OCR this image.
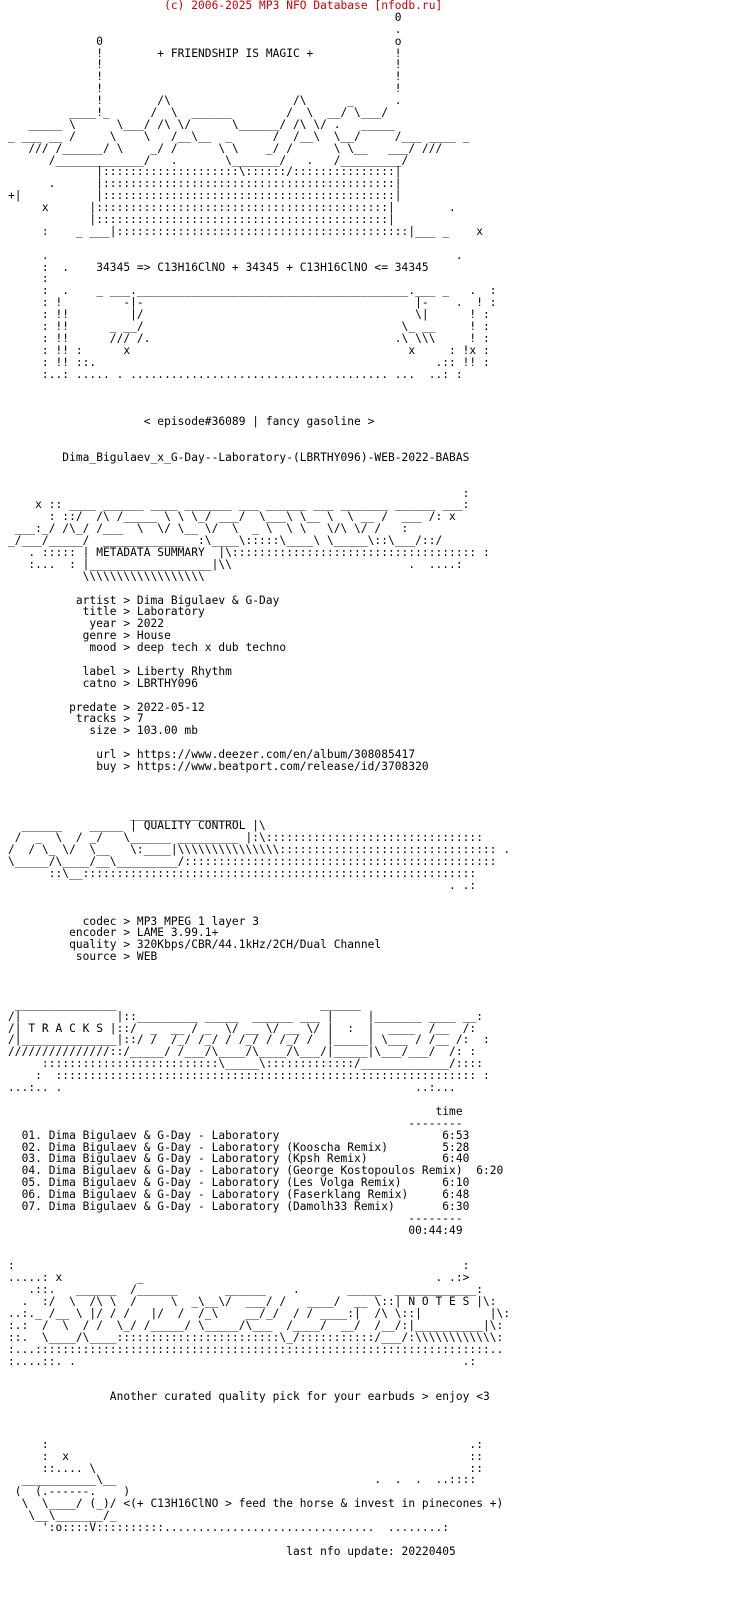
(c) 2006-2025 MP3 NFO Database [nfodb.ru]
0
.
0                                           o
!        + FRIENDSHIP IS MAGIC +            !
!                                           !
!                                           !
!                                           !
!        /\                  /\      _      .
____!_      /  \  ______        /  \  __/ \___/
_____ \      \___/ /\ \/      \______/ /\ \/ .   _____
_ ___ __ /     \    \   /__\__  _      /  /__\  \__/     /___ ____ _
/// /______/ \    _/ /      \ \    _/ /      \ \__   ___/ ///
/_____________/   .       \_______/   .   /_________/
|::::::::::::::::::::\::::::/:::::::::::::::|
.      |:::::::::::::::::::::::::::::::::::::::::::|
+|           |:::::::::::::::::::::::::::::::::::::::::::|
x      |:::::::::::::::::::::::::::::::::::::::::::|        .
|:::::::::::::::::::::::::::::::::::::::::::|
:    _ ___|:::::::::::::::::::::::::::::::::::::::::::|___ _    x
.                                                            .
:  .    34345 => C13H16ClNO + 34345 + C13H16ClNO <= 34345
:
:  .    _ ___.________________________________________.___ _   .  :
: !         -|-                                        |-    .  ! :
: !!         |/                                        \|      ! :
: !!      _ __/                                      \_ __     ! :
: !!      /// /.                                    .\ \\\     ! :
: !! :      x                                         x     : !x :
: !! ::.                                                  .:: !! :
:..: ..... . ...................................... ...  ..: :
< episode#36089 | fancy gasoline >
Dima_Bigulaev_x_G-Day--Laboratory-(LBRTHY096)-WEB-2022-BABAS
:
x :: ____ ______ ____ _______ ___ ______ ___ _______ ______ ___:
: ::/  /\ /_____ \ \ \_/ ___/  \___\ \__ \  \ __ /  ___ /: x
___:_/ /\_/ /___  \  \/ \__ \/  \  _ \  \ \   \/\ \/ /   :
_/___/_____/  ____________  :\____\:::::\____\ \_____\::\___/::/
. ::::: | METADATA SUMMARY  |\:::::::::::::::::::::::::::::::::::: :
:...  : |__________________|\\                          .  ....:
\\\\\\\\\\\\\\\\\\
artist > Dima Bigulaev & G-Day
title > Laboratory
year > 2022
genre > House
mood > deep tech x dub techno
label > Liberty Rhythm
catno > LBRTHY096
predate > 2022-05-12
tracks > 7
size > 103.00 mb
url > https://www.deezer.com/en/album/308085417
buy > https://www.beatport.com/release/id/3708320
________________
______    _____ | QUALITY CONTROL |\
/  _  \  / _/   \______ _________ |:\::::::::::::::::::::::::::::::::
/  / \_ \/  \__   \:____|\\\\\\\\\\\\\\\:::::::::::::::::::::::::::::::: .
\_____/\____/__\_________/::::::::::::::::::::::::::::::::::::::::::::::
::\__::::::::::::::::::::::::::::::::::::::::::::::::::::::::::
. .:
codec > MP3 MPEG 1 layer 3
encoder > LAME 3.99.1+
quality > 320Kbps/CBR/44.1kHz/2CH/Dual Channel
source > WEB
_______________                              ______
/|              |::_________ _____  ______ ___ |     |_______ ____ __:
/| T R A C K S |::/  _  __ / _  \/ __ \/ __ \/ |  :  |  ____  /__  /:
/|______________|::/ /  /_/ /_/ / /_/ / /_/ /  |_____| \___ / /__ /:  :
///////////////::/_____/ /___/\____/\____/\___/|_____|\___/___/  /: :
::::::::::::::::::::::::::\_____\:::::::::::::/_____________/::::
:  :::::::::::::::::::::::::::::::::::::::::::::::::::::::::::::: :
...:.. .                                                    ..:...
time
--------
01. Dima Bigulaev & G-Day - Laboratory                        6:53
02. Dima Bigulaev & G-Day - Laboratory (Kooscha Remix)        5:28
03. Dima Bigulaev & G-Day - Laboratory (Kpsh Remix)           6:40
04. Dima Bigulaev & G-Day - Laboratory (George Kostopoulos Remix)  6:20
05. Dima Bigulaev & G-Day - Laboratory (Les Volga Remix)      6:10
06. Dima Bigulaev & G-Day - Laboratory (Faserklang Remix)     6:48
07. Dima Bigulaev & G-Day - Laboratory (Damolh33 Remix)       6:30
--------
00:44:49
:                                                                  :
.....: x           _                                           . .:>
.::.   ______  /______       ______    .       _____  ____________:
.  :/  \  /\ \  /     \  _\__\/  ___/ /   ____/  __ \::| N O T E S |\:
..:._ /__ \ |/ / /   |/  /  /_\    __/_/  / / ____:|  /\ \::|          |\:
:.:  /  \  / /  \_/ /_____/ \_____/\___  /____/  __/  /__/:|__________|\:
::.  \____/\____::::::::::::::::::::::::\_/:::::::::::/___/:\\\\\\\\\\\\:
:...:::::::::::::::::::::::::::::::::::::::::::::::::::::::::::::::::::..
:....::. .                                                         .:
Another curated quality pick for your earbuds > enjoy <3
:                                                              .:
:  x                                                           ::
::.... \                                                       ::
___________\__                                      .  .  .  ..::::
(  (.------.    )
\  \____/ (_)/ <(+ C13H16ClNO > feed the horse & invest in pinecones +)
\__\_______/_
':o::::V::::::::::...............................  ........:
last nfo update: 20220405
